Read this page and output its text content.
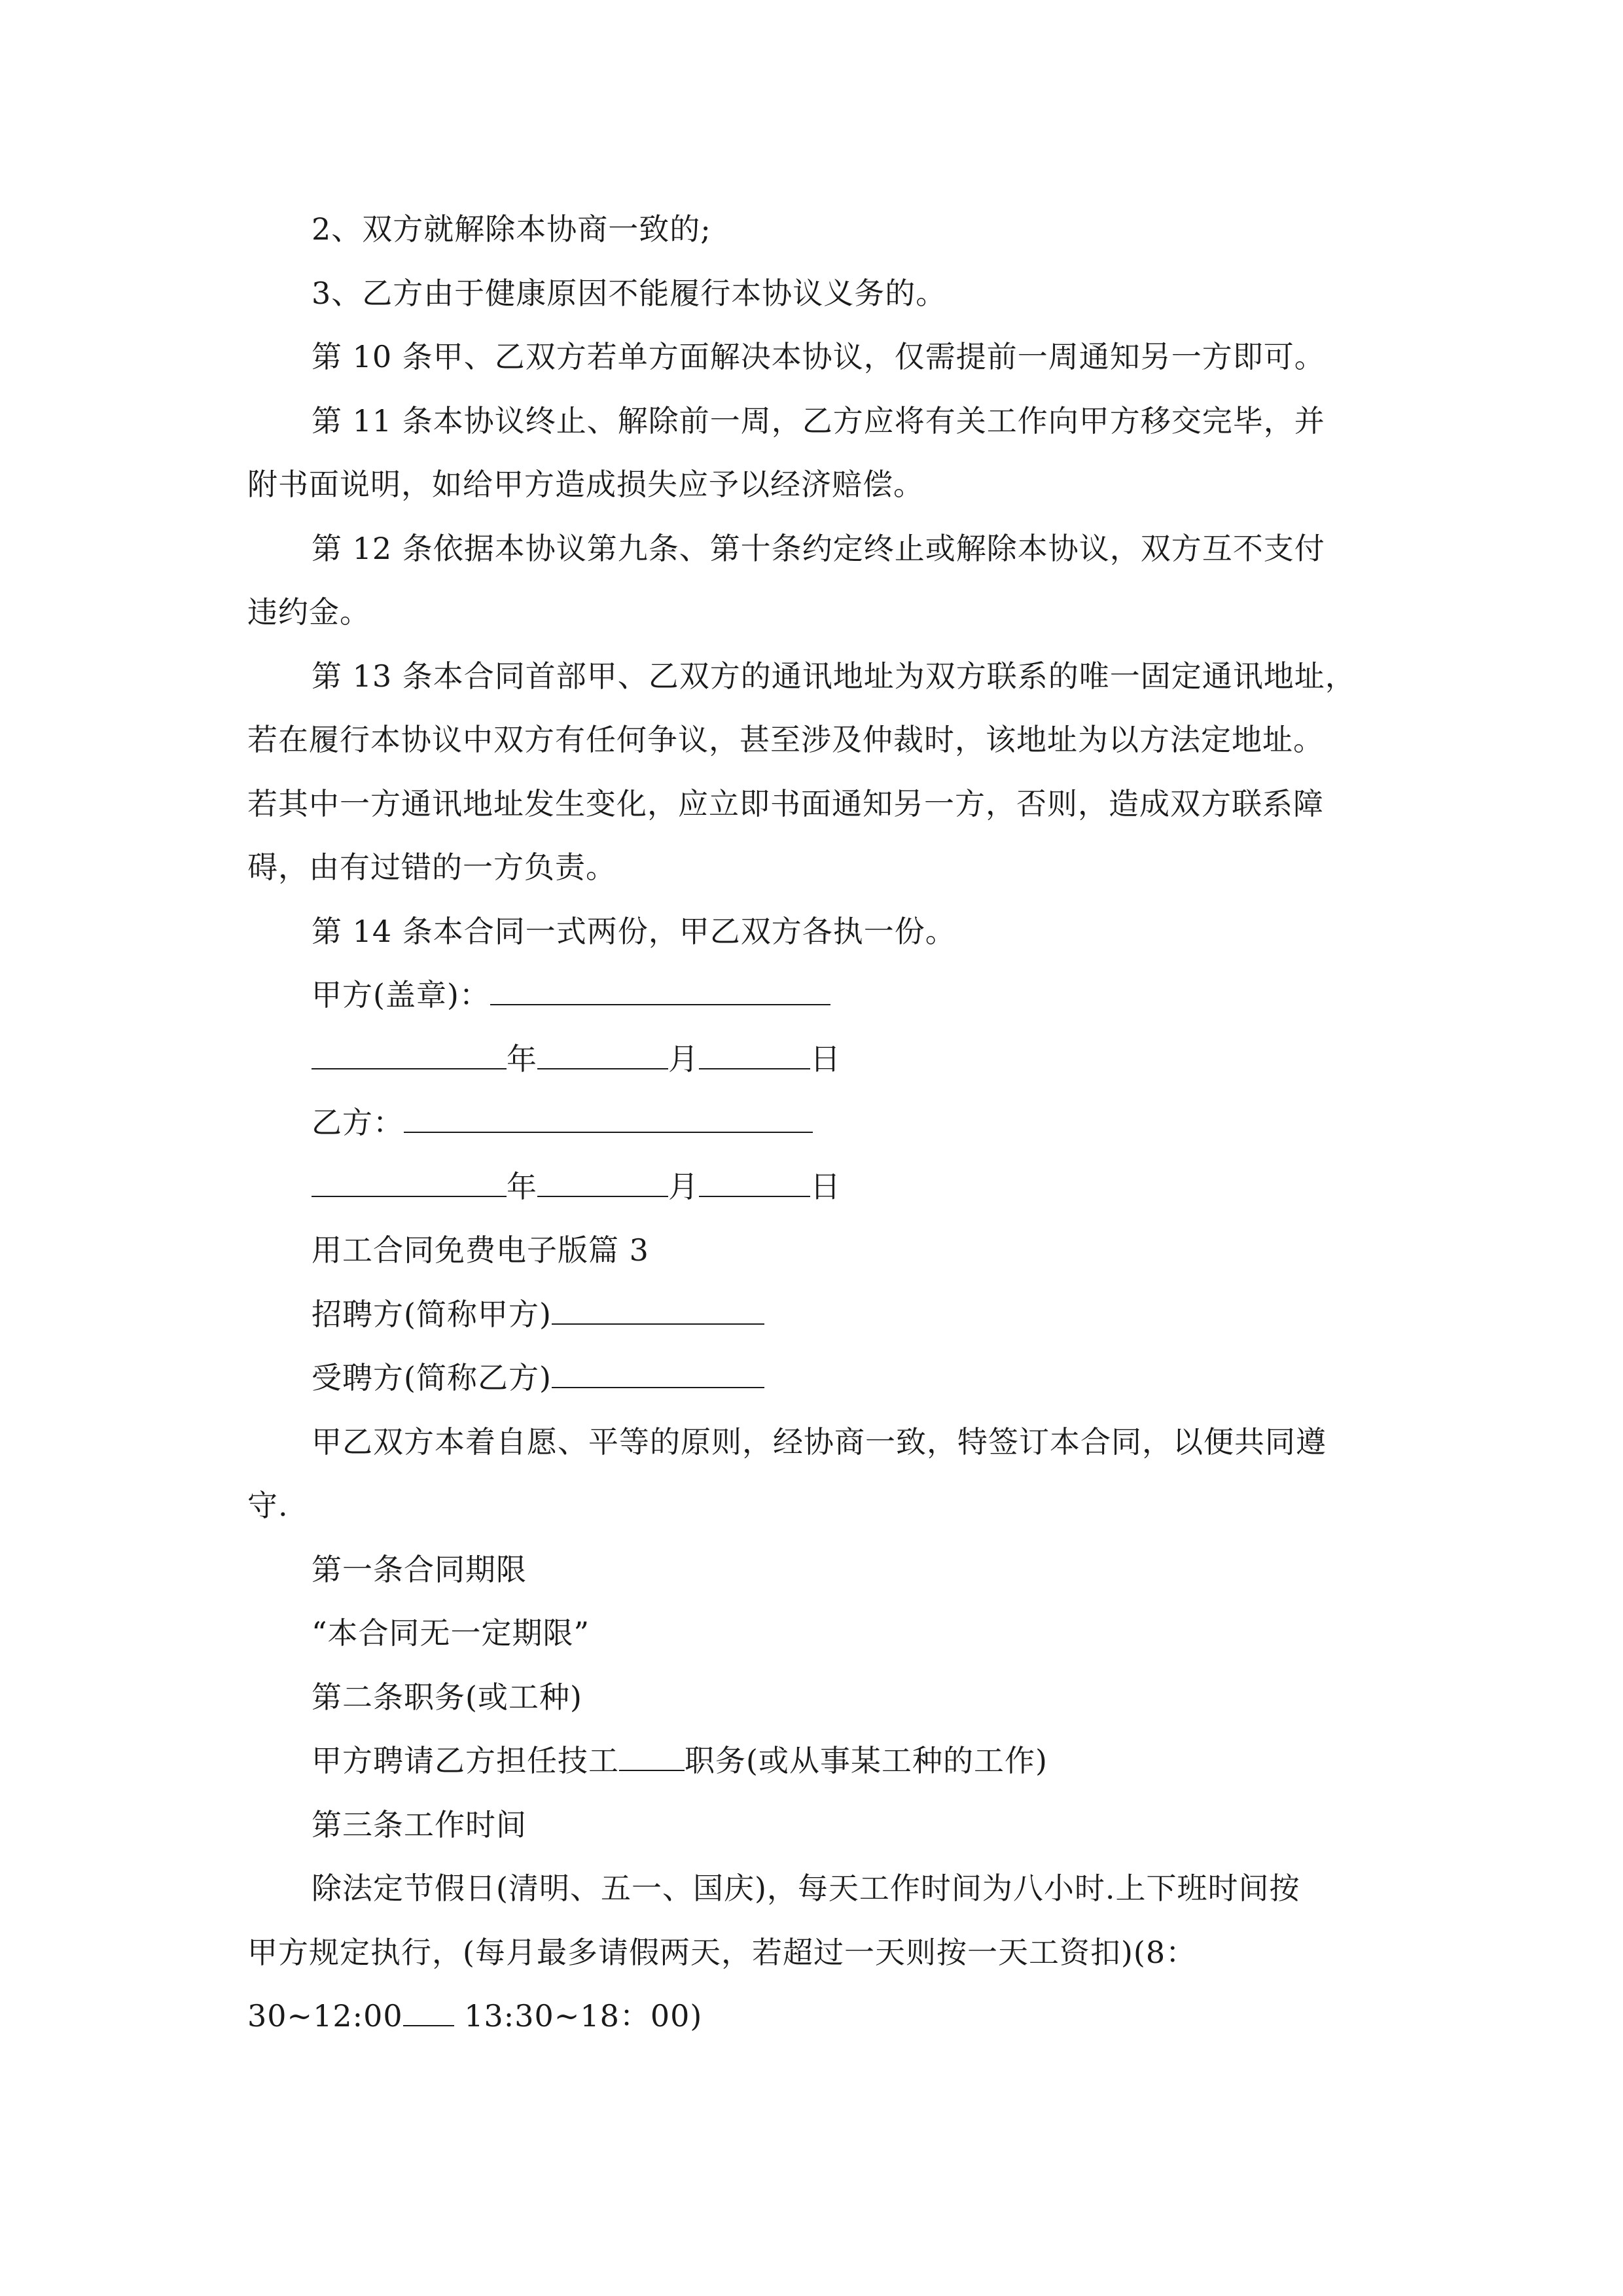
2、双方就解除本协商一致的;
3、乙方由于健康原因不能履行本协议义务的。
第 10 条甲、乙双方若单方面解决本协议，仅需提前一周通知另一方即可。
第 11 条本协议终止、解除前一周，乙方应将有关工作向甲方移交完毕，并
附书面说明，如给甲方造成损失应予以经济赔偿。
第 12 条依据本协议第九条、第十条约定终止或解除本协议，双方互不支付
违约金。
第 13 条本合同首部甲、乙双方的通讯地址为双方联系的唯一固定通讯地址，
若在履行本协议中双方有任何争议，甚至涉及仲裁时，该地址为以方法定地址。
若其中一方通讯地址发生变化，应立即书面通知另一方，否则，造成双方联系障
碍，由有过错的一方负责。
第 14 条本合同一式两份，甲乙双方各执一份。
甲方(盖章)：
年	月	日
乙方：
年	月	日
用工合同免费电子版篇 3
招聘方(简称甲方)
受聘方(简称乙方)
甲乙双方本着自愿、平等的原则，经协商一致，特签订本合同，以便共同遵
守.
第一条合同期限
“本合同无一定期限”
第二条职务(或工种)
甲方聘请乙方担任技工 职务(或从事某工种的工作)
第三条工作时间
除法定节假日(清明、五一、国庆)，每天工作时间为八小时.上下班时间按
甲方规定执行，(每月最多请假两天，若超过一天则按一天工资扣)(8：
30~12:00 13:30~18：00)
